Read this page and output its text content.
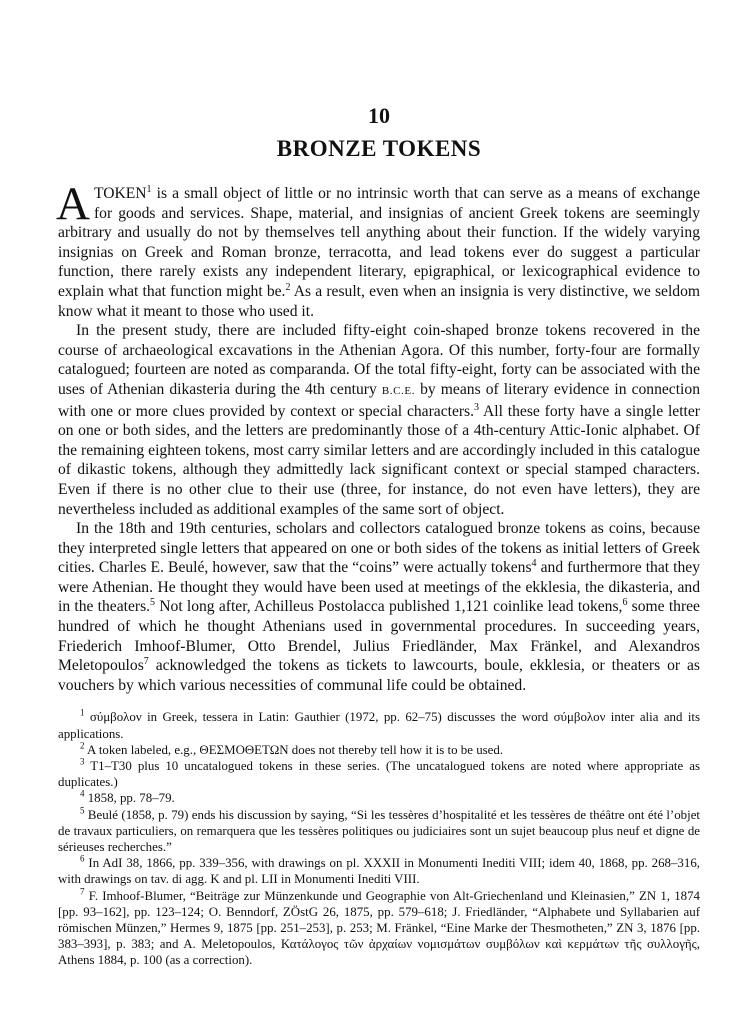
10
BRONZE TOKENS

ATOKEN$^1$ is a small object of little or no intrinsic worth that can serve as a means of exchange for goods and services. Shape, material, and insignias of ancient Greek tokens are seemingly arbitrary and usually do not by themselves tell anything about their function. If the widely varying insignias on Greek and Roman bronze, terracotta, and lead tokens ever do suggest a particular function, there rarely exists any independent literary, epigraphical, or lexicographical evidence to explain what that function might be.$^2$ As a result, even when an insignia is very distinctive, we seldom know what it meant to those who used it.

In the present study, there are included fifty-eight coin-shaped bronze tokens recovered in the course of archaeological excavations in the Athenian Agora. Of this number, forty-four are formally catalogued; fourteen are noted as comparanda. Of the total fifty-eight, forty can be associated with the uses of Athenian dikasteria during the 4th century B.C.E. by means of literary evidence in connection with one or more clues provided by context or special characters.$^3$ All these forty have a single letter on one or both sides, and the letters are predominantly those of a 4th-century Attic-Ionic alphabet. Of the remaining eighteen tokens, most carry similar letters and are accordingly included in this catalogue of dikastic tokens, although they admittedly lack significant context or special stamped characters. Even if there is no other clue to their use (three, for instance, do not even have letters), they are nevertheless included as additional examples of the same sort of object.

In the 18th and 19th centuries, scholars and collectors catalogued bronze tokens as coins, because they interpreted single letters that appeared on one or both sides of the tokens as initial letters of Greek cities. Charles E. Beulé, however, saw that the “coins” were actually tokens$^4$ and furthermore that they were Athenian. He thought they would have been used at meetings of the ekklesia, the dikasteria, and in the theaters.$^5$ Not long after, Achilleus Postolacca published 1,121 coinlike lead tokens,$^6$ some three hundred of which he thought Athenians used in governmental procedures. In succeeding years, Friederich Imhoof-Blumer, Otto Brendel, Julius Friedländer, Max Fränkel, and Alexandros Meletopoulos$^7$ acknowledged the tokens as tickets to lawcourts, boule, ekklesia, or theaters or as vouchers by which various necessities of communal life could be obtained.

$^1$ σύμβολον in Greek, tessera in Latin: Gauthier (1972, pp. 62–75) discusses the word σύμβολον inter alia and its applications.

$^2$ A token labeled, e.g., ΘΕΣΜΟΘΕΤΩΝ does not thereby tell how it is to be used.

$^3$ T1–T30 plus 10 uncatalogued tokens in these series. (The uncatalogued tokens are noted where appropriate as duplicates.)

$^4$ 1858, pp. 78–79.

$^5$ Beulé (1858, p. 79) ends his discussion by saying, “Si les tessères d’hospitalité et les tessères de théâtre ont été l’objet de travaux particuliers, on remarquera que les tessères politiques ou judiciaires sont un sujet beaucoup plus neuf et digne de sérieuses recherches.”

$^6$ In AdI 38, 1866, pp. 339–356, with drawings on pl. XXXII in Monumenti Inediti VIII; idem 40, 1868, pp. 268–316, with drawings on tav. di agg. K and pl. LII in Monumenti Inediti VIII.

$^7$ F. Imhoof-Blumer, “Beiträge zur Münzenkunde und Geographie von Alt-Griechenland und Kleinasien,” ZN 1, 1874 [pp. 93–162], pp. 123–124; O. Benndorf, ZÖstG 26, 1875, pp. 579–618; J. Friedländer, “Alphabete und Syllabarien auf römischen Münzen,” Hermes 9, 1875 [pp. 251–253], p. 253; M. Fränkel, “Eine Marke der Thesmotheten,” ZN 3, 1876 [pp. 383–393], p. 383; and A. Meletopoulos, Κατάλογος τῶν ἀρχαίων νομισμάτων συμβόλων καὶ κερμάτων τῆς συλλογῆς, Athens 1884, p. 100 (as a correction).
